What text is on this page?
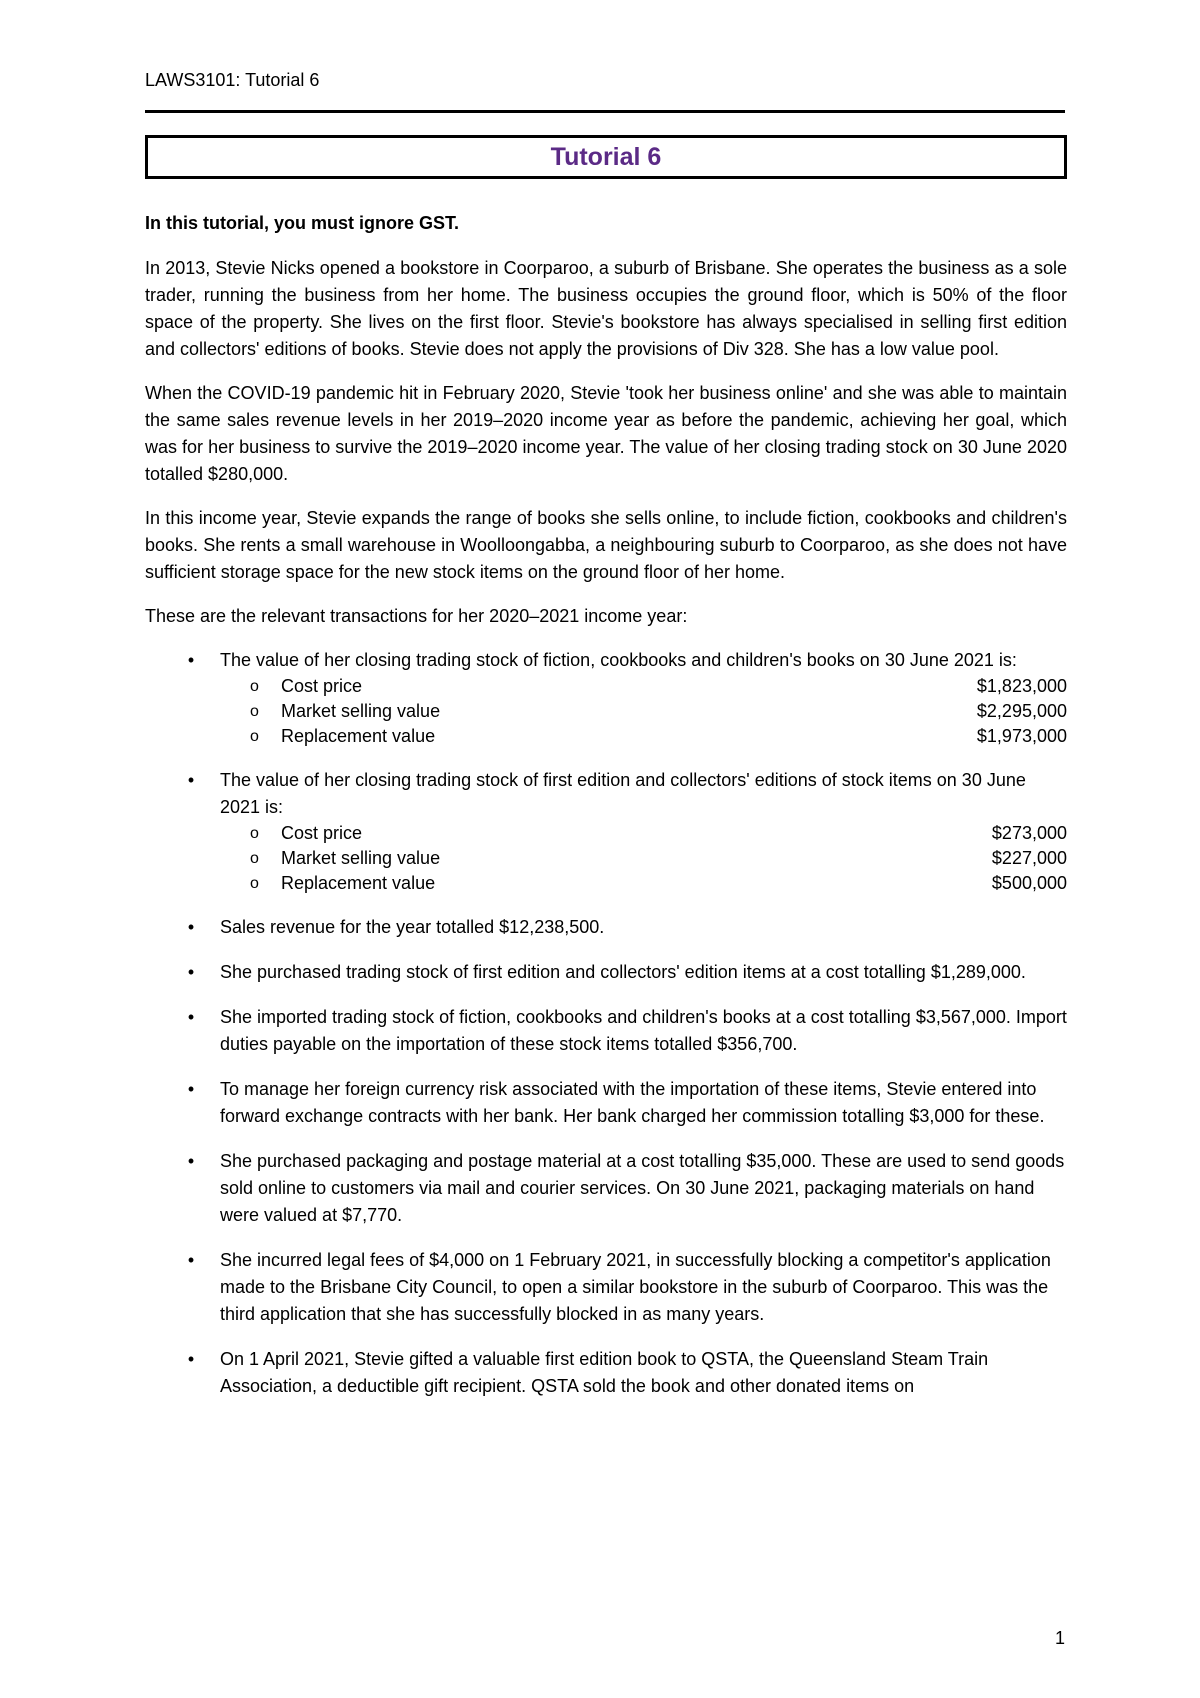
LAWS3101: Tutorial 6
Tutorial 6

In this tutorial, you must ignore GST.

In 2013, Stevie Nicks opened a bookstore in Coorparoo, a suburb of Brisbane. She operates the business as a sole trader, running the business from her home. The business occupies the ground floor, which is 50% of the floor space of the property. She lives on the first floor. Stevie's bookstore has always specialised in selling first edition and collectors' editions of books. Stevie does not apply the provisions of Div 328. She has a low value pool.

When the COVID-19 pandemic hit in February 2020, Stevie 'took her business online' and she was able to maintain the same sales revenue levels in her 2019–2020 income year as before the pandemic, achieving her goal, which was for her business to survive the 2019–2020 income year. The value of her closing trading stock on 30 June 2020 totalled $280,000.

In this income year, Stevie expands the range of books she sells online, to include fiction, cookbooks and children's books. She rents a small warehouse in Woolloongabba, a neighbouring suburb to Coorparoo, as she does not have sufficient storage space for the new stock items on the ground floor of her home.

These are the relevant transactions for her 2020–2021 income year:

•	The value of her closing trading stock of fiction, cookbooks and children's books on 30 June 2021 is:
o	Cost price	$1,823,000
o	Market selling value	$2,295,000
o	Replacement value	$1,973,000
•	The value of her closing trading stock of first edition and collectors' editions of stock items on 30 June 2021 is:
o	Cost price	$273,000
o	Market selling value	$227,000
o	Replacement value	$500,000
•	Sales revenue for the year totalled $12,238,500.
•	She purchased trading stock of first edition and collectors' edition items at a cost totalling $1,289,000.
•	She imported trading stock of fiction, cookbooks and children's books at a cost totalling $3,567,000. Import duties payable on the importation of these stock items totalled $356,700.
•	To manage her foreign currency risk associated with the importation of these items, Stevie entered into forward exchange contracts with her bank. Her bank charged her commission totalling $3,000 for these.
•	She purchased packaging and postage material at a cost totalling $35,000. These are used to send goods sold online to customers via mail and courier services. On 30 June 2021, packaging materials on hand were valued at $7,770.
•	She incurred legal fees of $4,000 on 1 February 2021, in successfully blocking a competitor's application made to the Brisbane City Council, to open a similar bookstore in the suburb of Coorparoo. This was the third application that she has successfully blocked in as many years.
•	On 1 April 2021, Stevie gifted a valuable first edition book to QSTA, the Queensland Steam Train Association, a deductible gift recipient. QSTA sold the book and other donated items on
1
